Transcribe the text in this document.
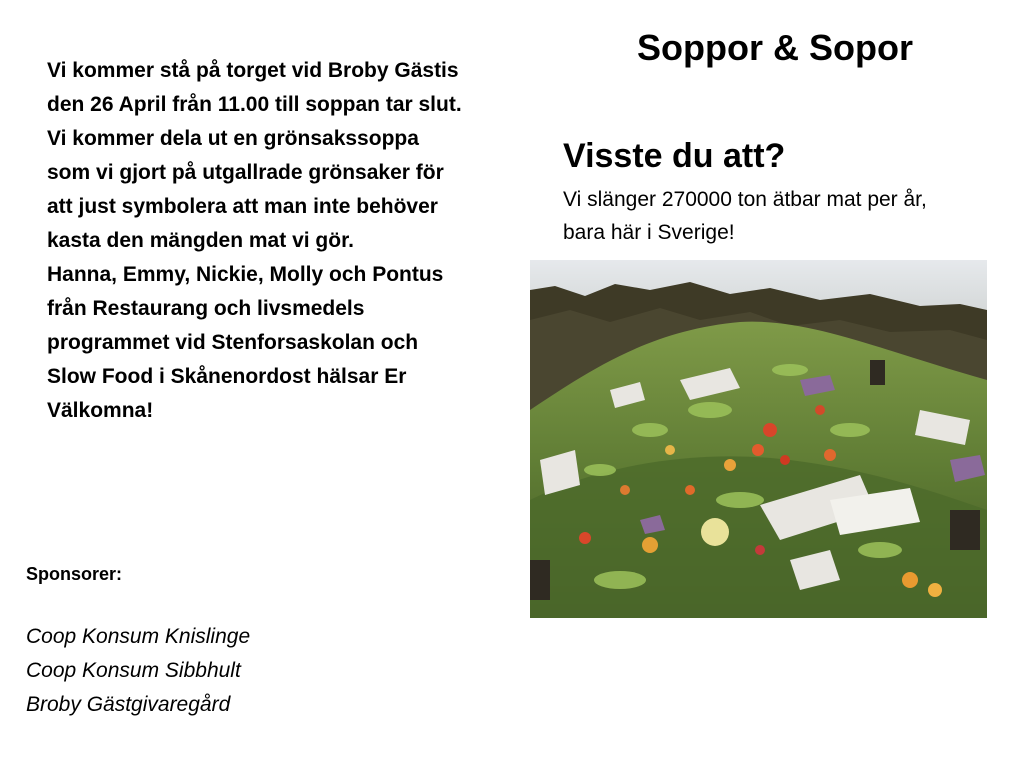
Soppor & Sopor

Vi kommer stå på torget vid Broby Gästis den 26 April från 11.00 till soppan tar slut.

Vi kommer dela ut en grönsakssoppa som vi gjort på utgallrade grönsaker för att just symbolera att man inte behöver kasta den mängden mat vi gör.

Hanna, Emmy, Nickie, Molly och Pontus från Restaurang och livsmedels programmet vid Stenforsaskolan och Slow Food i Skånenordost hälsar Er Välkomna!

Sponsorer:
Coop Konsum Knislinge
Coop Konsum Sibbhult
Broby Gästgivaregård
Visste du att?
Vi slänger 270000 ton ätbar mat per år, bara här i Sverige!
